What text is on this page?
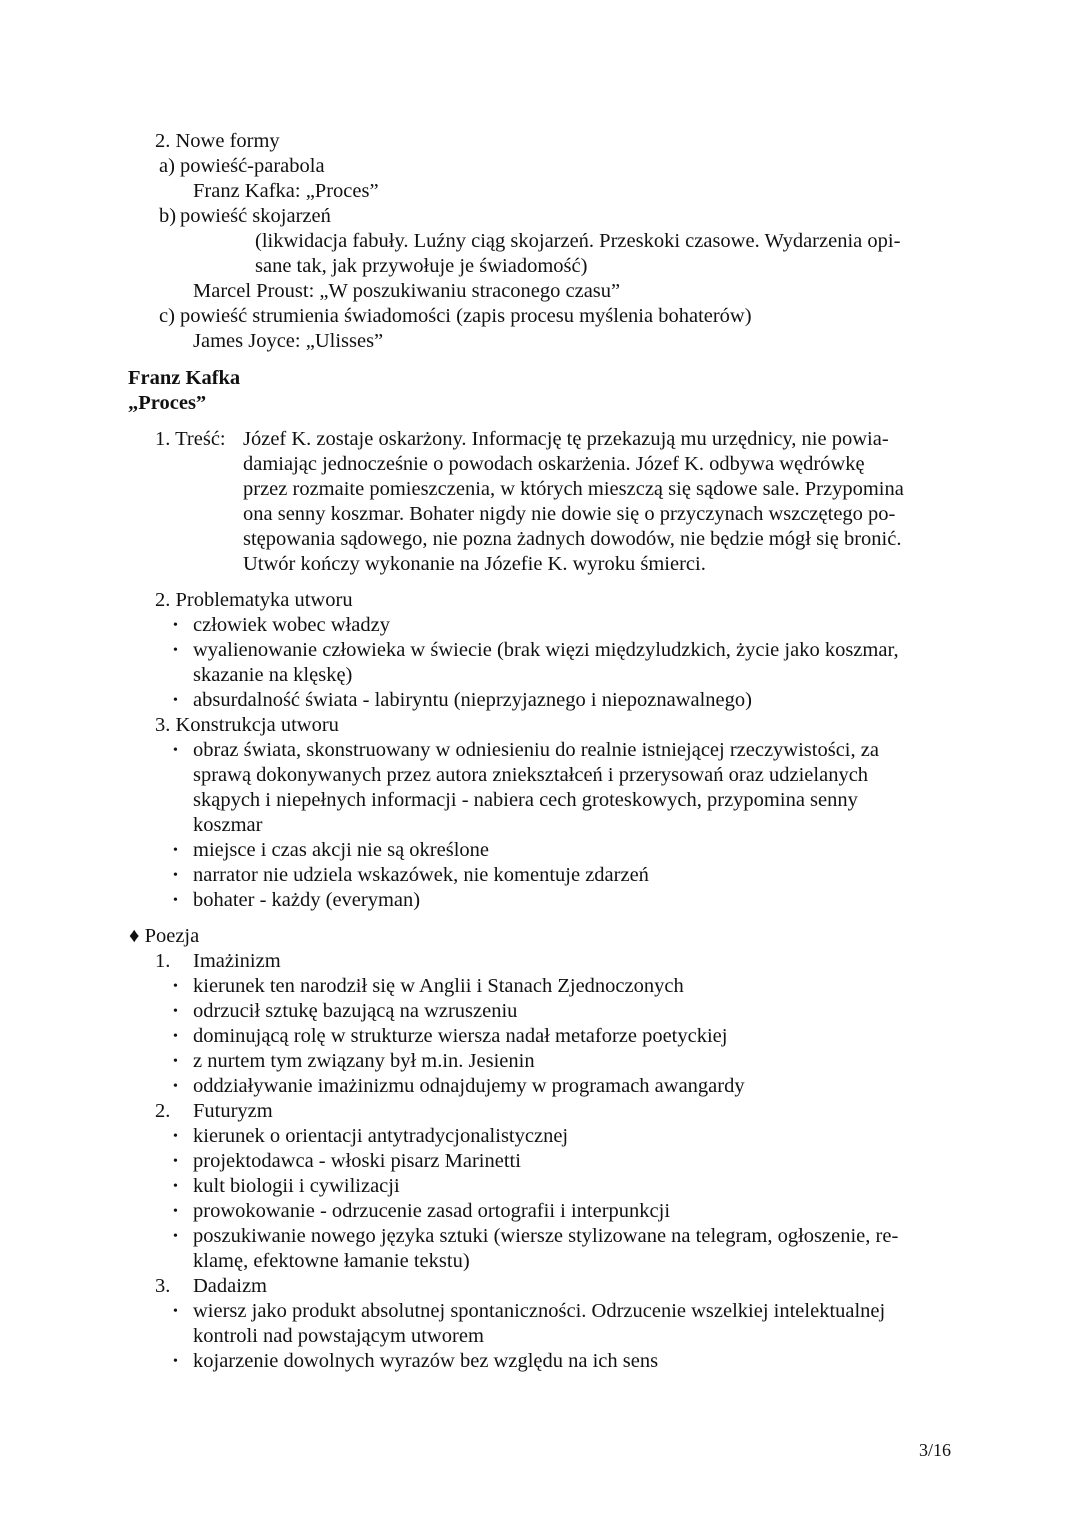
2. Nowe formy
a) powieść-parabola
Franz Kafka: „Proces”
b) powieść skojarzeń
(likwidacja fabuły. Luźny ciąg skojarzeń. Przeskoki czasowe. Wydarzenia opi-
sane tak, jak przywołuje je świadomość)
Marcel Proust: „W poszukiwaniu straconego czasu”
c) powieść strumienia świadomości (zapis procesu myślenia bohaterów)
James Joyce: „Ulisses”
Franz Kafka
„Proces”
1. Treść: Józef K. zostaje oskarżony. Informację tę przekazują mu urzędnicy, nie powia-
damiając jednocześnie o powodach oskarżenia. Józef K. odbywa wędrówkę
przez rozmaite pomieszczenia, w których mieszczą się sądowe sale. Przypomina
ona senny koszmar. Bohater nigdy nie dowie się o przyczynach wszczętego po-
stępowania sądowego, nie pozna żadnych dowodów, nie będzie mógł się bronić.
Utwór kończy wykonanie na Józefie K. wyroku śmierci.
2. Problematyka utworu
• człowiek wobec władzy
• wyalienowanie człowieka w świecie (brak więzi międzyludzkich, życie jako koszmar,
skazanie na klęskę)
• absurdalność świata - labiryntu (nieprzyjaznego i niepoznawalnego)
3. Konstrukcja utworu
• obraz świata, skonstruowany w odniesieniu do realnie istniejącej rzeczywistości, za
sprawą dokonywanych przez autora zniekształceń i przerysowań oraz udzielanych
skąpych i niepełnych informacji - nabiera cech groteskowych, przypomina senny
koszmar
• miejsce i czas akcji nie są określone
• narrator nie udziela wskazówek, nie komentuje zdarzeń
• bohater - każdy (everyman)
♦ Poezja
1. Imażinizm
• kierunek ten narodził się w Anglii i Stanach Zjednoczonych
• odrzucił sztukę bazującą na wzruszeniu
• dominującą rolę w strukturze wiersza nadał metaforze poetyckiej
• z nurtem tym związany był m.in. Jesienin
• oddziaływanie imażinizmu odnajdujemy w programach awangardy
2. Futuryzm
• kierunek o orientacji antytradycjonalistycznej
• projektodawca - włoski pisarz Marinetti
• kult biologii i cywilizacji
• prowokowanie - odrzucenie zasad ortografii i interpunkcji
• poszukiwanie nowego języka sztuki (wiersze stylizowane na telegram, ogłoszenie, re-
klamę, efektowne łamanie tekstu)
3. Dadaizm
• wiersz jako produkt absolutnej spontaniczności. Odrzucenie wszelkiej intelektualnej
kontroli nad powstającym utworem
• kojarzenie dowolnych wyrazów bez względu na ich sens
3/16
